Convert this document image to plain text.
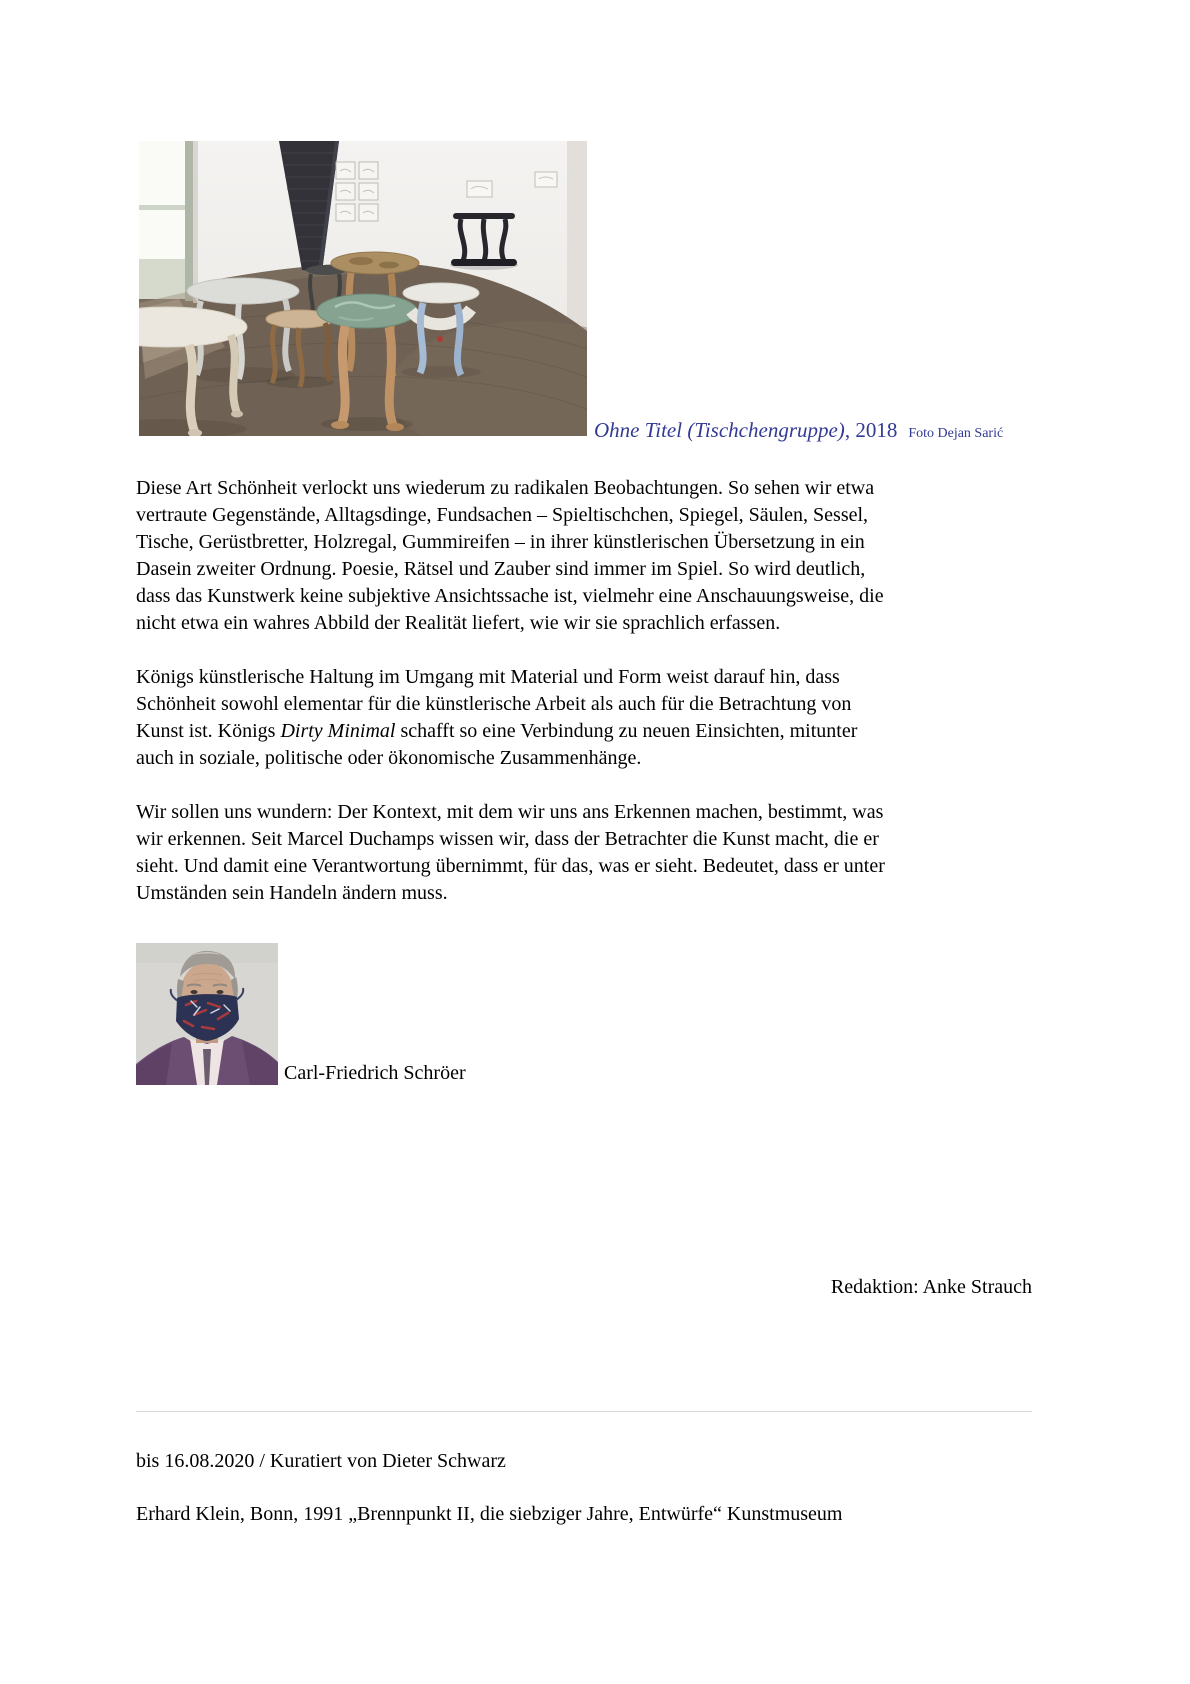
Ohne Titel (Tischchengruppe), 2018 Foto Dejan Sarić
Diese Art Schönheit verlockt uns wiederum zu radikalen Beobachtungen. So sehen wir etwa
vertraute Gegenstände, Alltagsdinge, Fundsachen – Spieltischchen, Spiegel, Säulen, Sessel,
Tische, Gerüstbretter, Holzregal, Gummireifen – in ihrer künstlerischen Übersetzung in ein
Dasein zweiter Ordnung. Poesie, Rätsel und Zauber sind immer im Spiel. So wird deutlich,
dass das Kunstwerk keine subjektive Ansichtssache ist, vielmehr eine Anschauungsweise, die
nicht etwa ein wahres Abbild der Realität liefert, wie wir sie sprachlich erfassen.
Königs künstlerische Haltung im Umgang mit Material und Form weist darauf hin, dass
Schönheit sowohl elementar für die künstlerische Arbeit als auch für die Betrachtung von
Kunst ist. Königs Dirty Minimal schafft so eine Verbindung zu neuen Einsichten, mitunter
auch in soziale, politische oder ökonomische Zusammenhänge.
Wir sollen uns wundern: Der Kontext, mit dem wir uns ans Erkennen machen, bestimmt, was
wir erkennen. Seit Marcel Duchamps wissen wir, dass der Betrachter die Kunst macht, die er
sieht. Und damit eine Verantwortung übernimmt, für das, was er sieht. Bedeutet, dass er unter
Umständen sein Handeln ändern muss.
Carl-Friedrich Schröer
Redaktion: Anke Strauch
bis 16.08.2020 / Kuratiert von Dieter Schwarz
Erhard Klein, Bonn, 1991 „Brennpunkt II, die siebziger Jahre, Entwürfe“ Kunstmuseum
